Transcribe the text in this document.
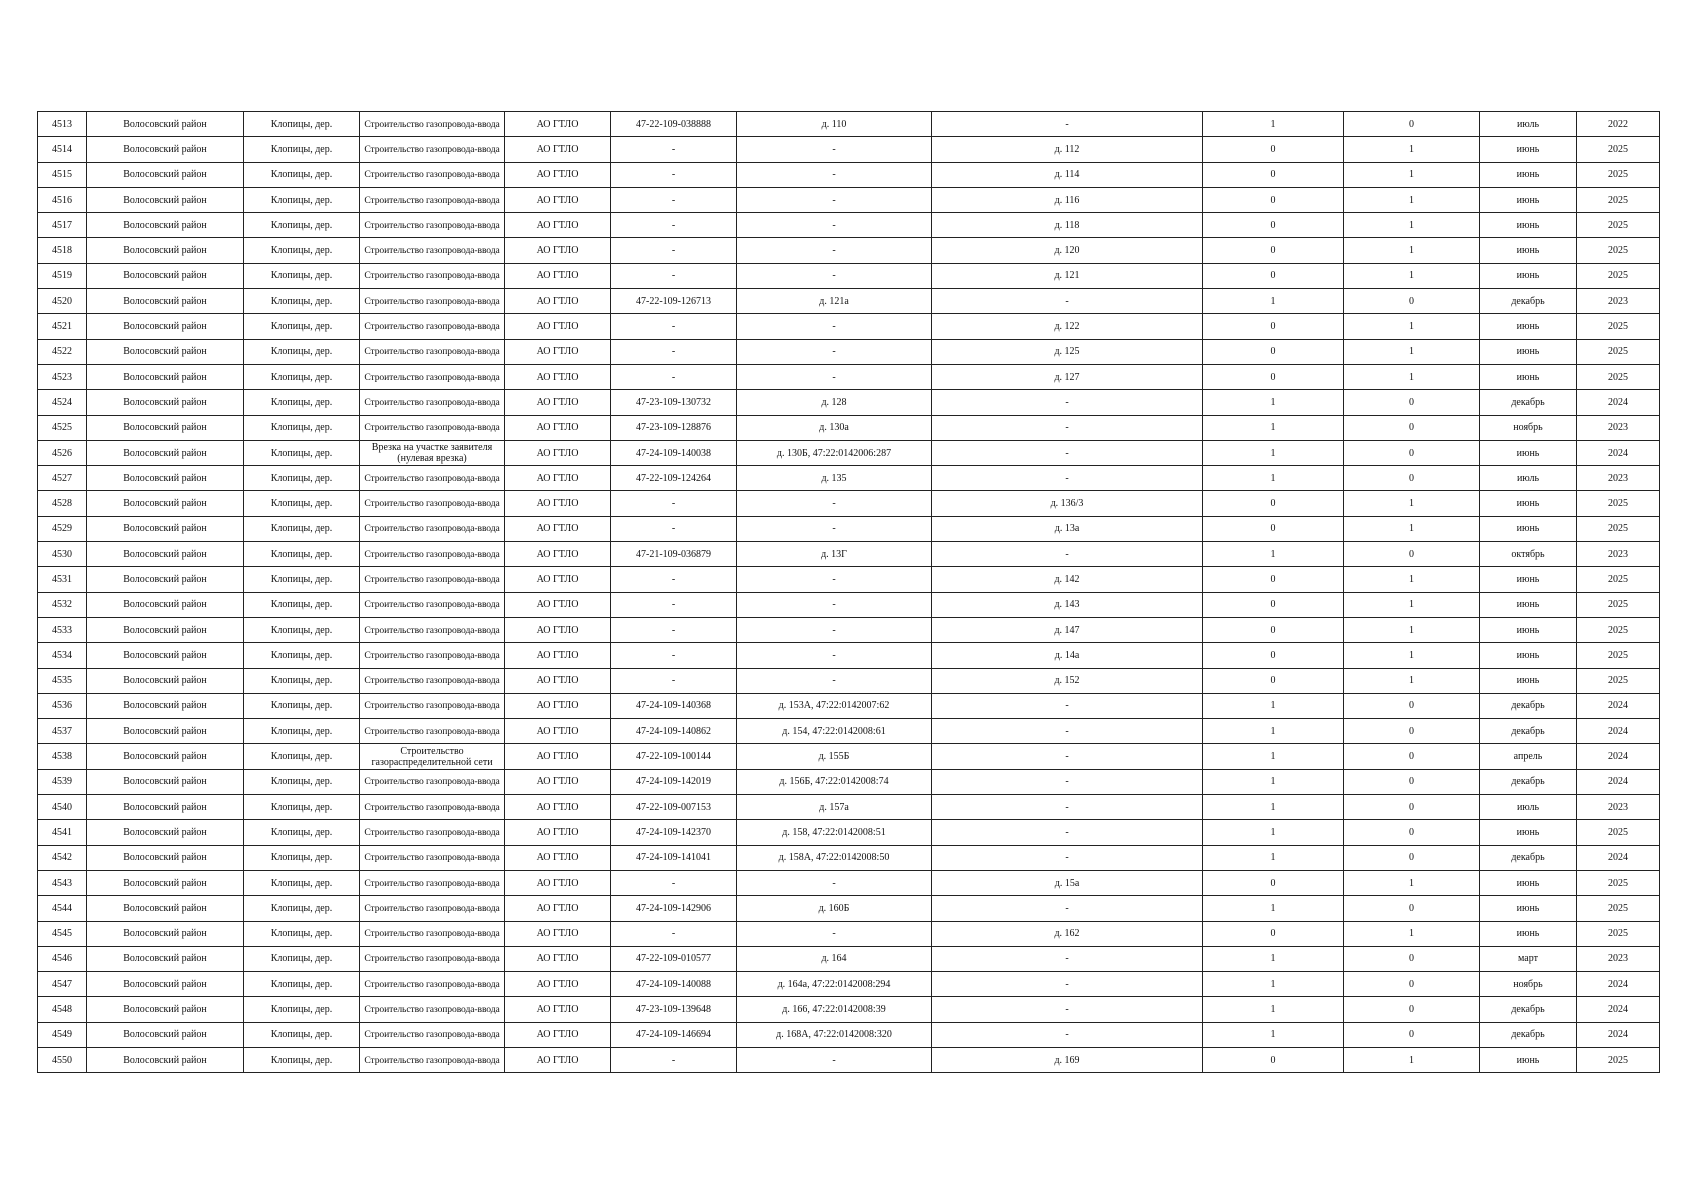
4513	Волосовский район	Клопицы, дер.	Строительство газопровода-ввода	АО ГТЛО	47-22-109-038888	д. 110	-	1	0	июль	2022
4514	Волосовский район	Клопицы, дер.	Строительство газопровода-ввода	АО ГТЛО	-	-	д. 112	0	1	июнь	2025
4515	Волосовский район	Клопицы, дер.	Строительство газопровода-ввода	АО ГТЛО	-	-	д. 114	0	1	июнь	2025
4516	Волосовский район	Клопицы, дер.	Строительство газопровода-ввода	АО ГТЛО	-	-	д. 116	0	1	июнь	2025
4517	Волосовский район	Клопицы, дер.	Строительство газопровода-ввода	АО ГТЛО	-	-	д. 118	0	1	июнь	2025
4518	Волосовский район	Клопицы, дер.	Строительство газопровода-ввода	АО ГТЛО	-	-	д. 120	0	1	июнь	2025
4519	Волосовский район	Клопицы, дер.	Строительство газопровода-ввода	АО ГТЛО	-	-	д. 121	0	1	июнь	2025
4520	Волосовский район	Клопицы, дер.	Строительство газопровода-ввода	АО ГТЛО	47-22-109-126713	д. 121а	-	1	0	декабрь	2023
4521	Волосовский район	Клопицы, дер.	Строительство газопровода-ввода	АО ГТЛО	-	-	д. 122	0	1	июнь	2025
4522	Волосовский район	Клопицы, дер.	Строительство газопровода-ввода	АО ГТЛО	-	-	д. 125	0	1	июнь	2025
4523	Волосовский район	Клопицы, дер.	Строительство газопровода-ввода	АО ГТЛО	-	-	д. 127	0	1	июнь	2025
4524	Волосовский район	Клопицы, дер.	Строительство газопровода-ввода	АО ГТЛО	47-23-109-130732	д. 128	-	1	0	декабрь	2024
4525	Волосовский район	Клопицы, дер.	Строительство газопровода-ввода	АО ГТЛО	47-23-109-128876	д. 130а	-	1	0	ноябрь	2023
4526	Волосовский район	Клопицы, дер.	Врезка на участке заявителя (нулевая врезка)	АО ГТЛО	47-24-109-140038	д. 130Б, 47:22:0142006:287	-	1	0	июнь	2024
4527	Волосовский район	Клопицы, дер.	Строительство газопровода-ввода	АО ГТЛО	47-22-109-124264	д. 135	-	1	0	июль	2023
4528	Волосовский район	Клопицы, дер.	Строительство газопровода-ввода	АО ГТЛО	-	-	д. 136/3	0	1	июнь	2025
4529	Волосовский район	Клопицы, дер.	Строительство газопровода-ввода	АО ГТЛО	-	-	д. 13а	0	1	июнь	2025
4530	Волосовский район	Клопицы, дер.	Строительство газопровода-ввода	АО ГТЛО	47-21-109-036879	д. 13Г	-	1	0	октябрь	2023
4531	Волосовский район	Клопицы, дер.	Строительство газопровода-ввода	АО ГТЛО	-	-	д. 142	0	1	июнь	2025
4532	Волосовский район	Клопицы, дер.	Строительство газопровода-ввода	АО ГТЛО	-	-	д. 143	0	1	июнь	2025
4533	Волосовский район	Клопицы, дер.	Строительство газопровода-ввода	АО ГТЛО	-	-	д. 147	0	1	июнь	2025
4534	Волосовский район	Клопицы, дер.	Строительство газопровода-ввода	АО ГТЛО	-	-	д. 14а	0	1	июнь	2025
4535	Волосовский район	Клопицы, дер.	Строительство газопровода-ввода	АО ГТЛО	-	-	д. 152	0	1	июнь	2025
4536	Волосовский район	Клопицы, дер.	Строительство газопровода-ввода	АО ГТЛО	47-24-109-140368	д. 153А, 47:22:0142007:62	-	1	0	декабрь	2024
4537	Волосовский район	Клопицы, дер.	Строительство газопровода-ввода	АО ГТЛО	47-24-109-140862	д. 154, 47:22:0142008:61	-	1	0	декабрь	2024
4538	Волосовский район	Клопицы, дер.	Строительство газораспределительной сети	АО ГТЛО	47-22-109-100144	д. 155Б	-	1	0	апрель	2024
4539	Волосовский район	Клопицы, дер.	Строительство газопровода-ввода	АО ГТЛО	47-24-109-142019	д. 156Б, 47:22:0142008:74	-	1	0	декабрь	2024
4540	Волосовский район	Клопицы, дер.	Строительство газопровода-ввода	АО ГТЛО	47-22-109-007153	д. 157а	-	1	0	июль	2023
4541	Волосовский район	Клопицы, дер.	Строительство газопровода-ввода	АО ГТЛО	47-24-109-142370	д. 158, 47:22:0142008:51	-	1	0	июнь	2025
4542	Волосовский район	Клопицы, дер.	Строительство газопровода-ввода	АО ГТЛО	47-24-109-141041	д. 158А, 47:22:0142008:50	-	1	0	декабрь	2024
4543	Волосовский район	Клопицы, дер.	Строительство газопровода-ввода	АО ГТЛО	-	-	д. 15а	0	1	июнь	2025
4544	Волосовский район	Клопицы, дер.	Строительство газопровода-ввода	АО ГТЛО	47-24-109-142906	д. 160Б	-	1	0	июнь	2025
4545	Волосовский район	Клопицы, дер.	Строительство газопровода-ввода	АО ГТЛО	-	-	д. 162	0	1	июнь	2025
4546	Волосовский район	Клопицы, дер.	Строительство газопровода-ввода	АО ГТЛО	47-22-109-010577	д. 164	-	1	0	март	2023
4547	Волосовский район	Клопицы, дер.	Строительство газопровода-ввода	АО ГТЛО	47-24-109-140088	д. 164а, 47:22:0142008:294	-	1	0	ноябрь	2024
4548	Волосовский район	Клопицы, дер.	Строительство газопровода-ввода	АО ГТЛО	47-23-109-139648	д. 166, 47:22:0142008:39	-	1	0	декабрь	2024
4549	Волосовский район	Клопицы, дер.	Строительство газопровода-ввода	АО ГТЛО	47-24-109-146694	д. 168А, 47:22:0142008:320	-	1	0	декабрь	2024
4550	Волосовский район	Клопицы, дер.	Строительство газопровода-ввода	АО ГТЛО	-	-	д. 169	0	1	июнь	2025
